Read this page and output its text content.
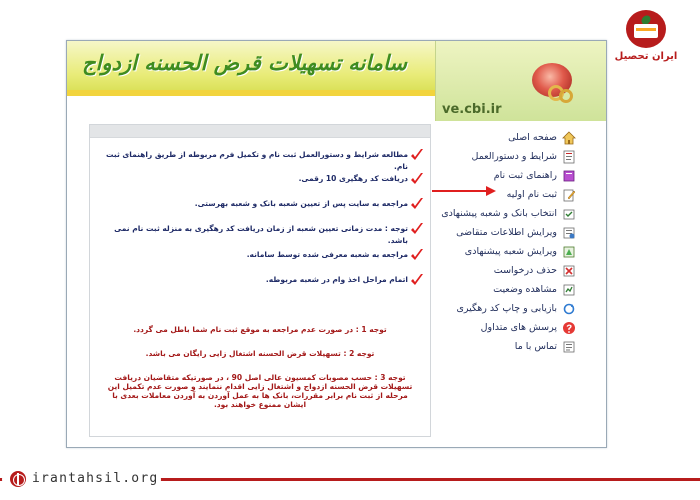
ایران تحصیل
سامانه تسهیلات قرض الحسنه ازدواج
ve.cbi.ir
مطالعه شرایط و دستورالعمل ثبت نام و تکمیل فرم مربوطه از طریق راهنمای ثبت نام.
دریافت کد رهگیری 10 رقمی.
مراجعه به سایت پس از تعیین شعبه بانک و شعبه بهرستی.
توجه : مدت زمانی تعیین شعبه از زمان دریافت کد رهگیری به منزله ثبت نام نمی باشد.
مراجعه به شعبه معرفی شده توسط سامانه.
اتمام مراحل اخذ وام در شعبه مربوطه.
توجه 1 : در صورت عدم مراجعه به موقع ثبت نام شما باطل می گردد.
توجه 2 : تسهیلات قرض الحسنه اشتغال زایی رایگان می باشد.
توجه 3 : حسب مصوبات کمسیون عالی اصل 90 ، در صورتیکه متقاضیان دریافت تسهیلات قرض الحسنه ازدواج و اشتغال زایی اقدام ننمایند و صورت عدم تکمیل این مرحله از ثبت نام برابر مقررات، بانک ها به عمل آوردن به آوردن معاملات بعدی با ایشان ممنوع خواهند بود.
صفحه اصلی
شرایط و دستورالعمل
راهنمای ثبت نام
ثبت نام اولیه
انتخاب بانک و شعبه پیشنهادی
ویرایش اطلاعات متقاضی
ویرایش شعبه پیشنهادی
حذف درخواست
مشاهده وضعیت
بازیابی و چاپ کد رهگیری
پرسش های متداول
تماس با ما
irantahsil.org
